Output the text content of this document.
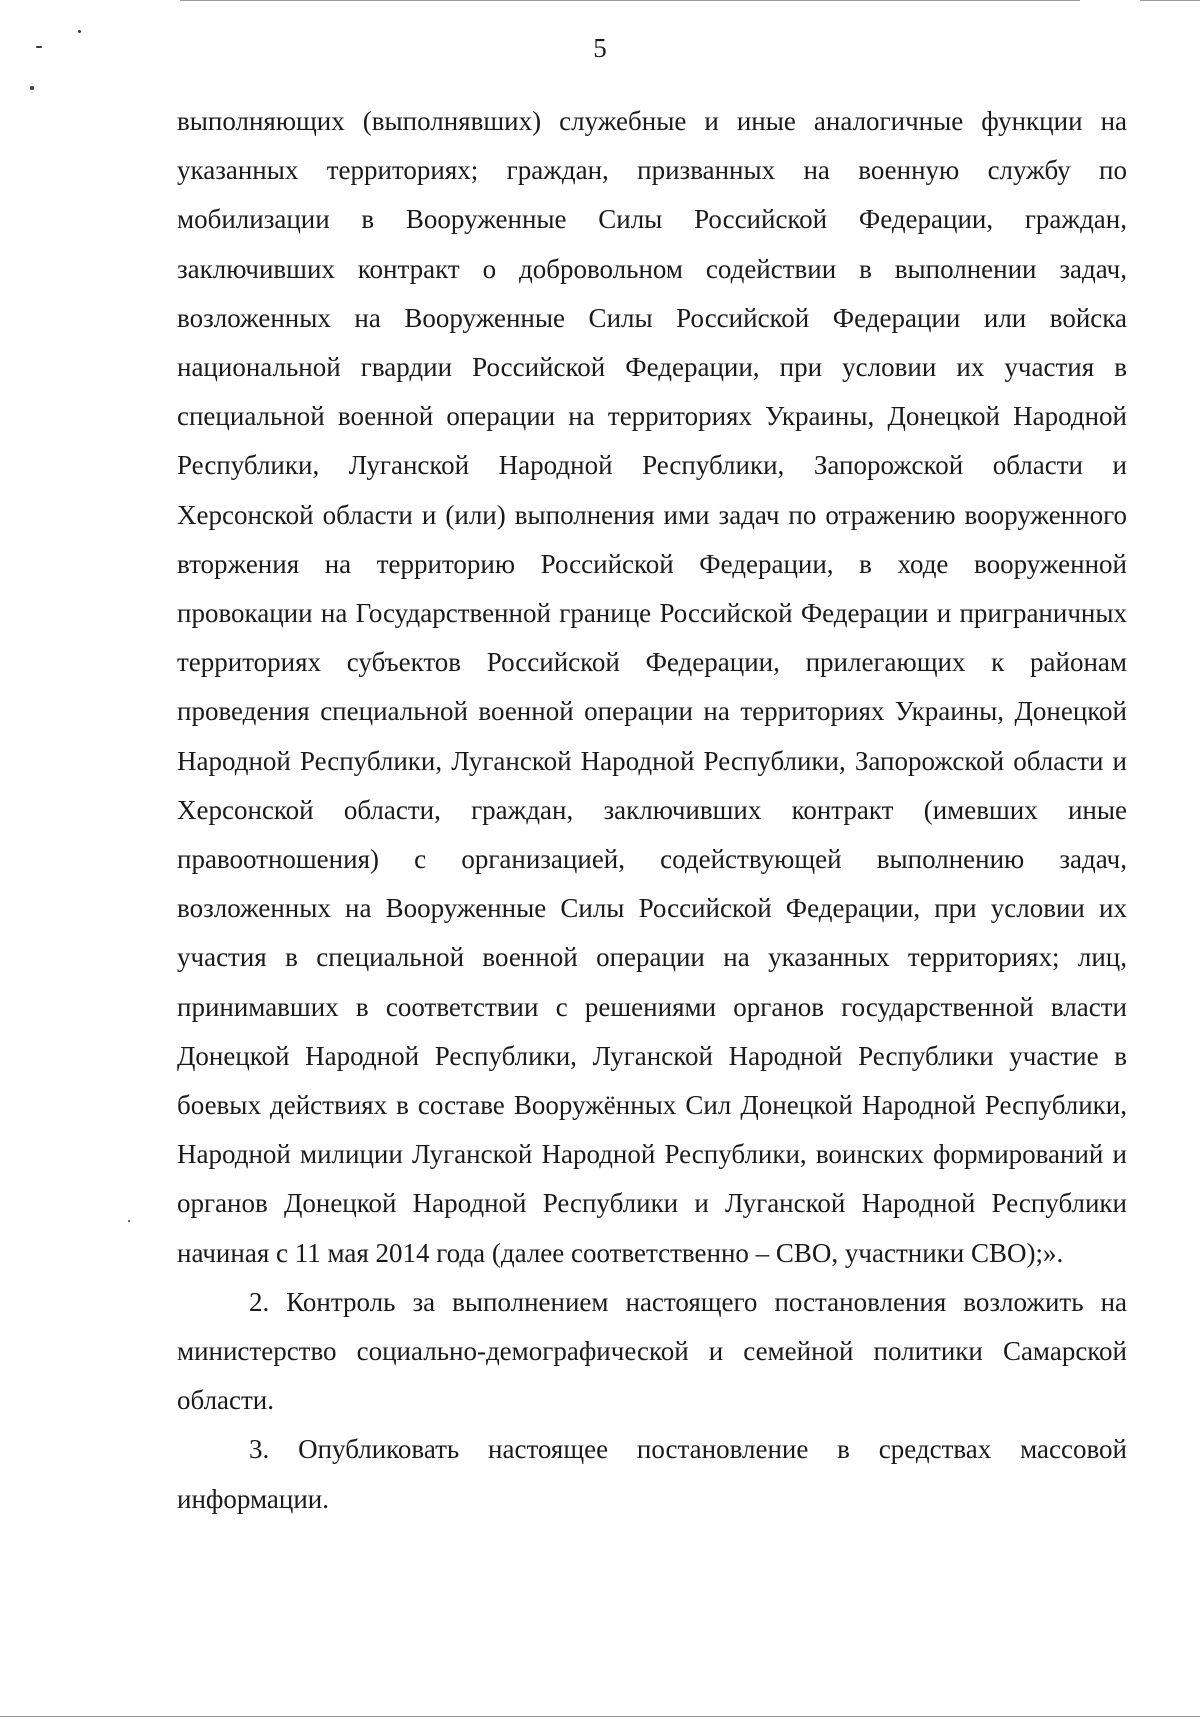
5

выполняющих (выполнявших) служебные и иные аналогичные функции на указанных территориях; граждан, призванных на военную службу по мобилизации в Вооруженные Силы Российской Федерации, граждан, заключивших контракт о добровольном содействии в выполнении задач, возложенных на Вооруженные Силы Российской Федерации или войска национальной гвардии Российской Федерации, при условии их участия в специальной военной операции на территориях Украины, Донецкой Народной Республики, Луганской Народной Республики, Запорожской области и Херсонской области и (или) выполнения ими задач по отражению вооруженного вторжения на территорию Российской Федерации, в ходе вооруженной провокации на Государственной границе Российской Федерации и приграничных территориях субъектов Российской Федерации, прилегающих к районам проведения специальной военной операции на территориях Украины, Донецкой Народной Республики, Луганской Народной Республики, Запорожской области и Херсонской области, граждан, заключивших контракт (имевших иные правоотношения) с организацией, содействующей выполнению задач, возложенных на Вооруженные Силы Российской Федерации, при условии их участия в специальной военной операции на указанных территориях; лиц, принимавших в соответствии с решениями органов государственной власти Донецкой Народной Республики, Луганской Народной Республики участие в боевых действиях в составе Вооружённых Сил Донецкой Народной Республики, Народной милиции Луганской Народной Республики, воинских формирований и органов Донецкой Народной Республики и Луганской Народной Республики начиная с 11 мая 2014 года (далее соответственно – СВО, участники СВО);».

2. Контроль за выполнением настоящего постановления возложить на министерство социально-демографической и семейной политики Самарской области.

3. Опубликовать настоящее постановление в средствах массовой информации.
